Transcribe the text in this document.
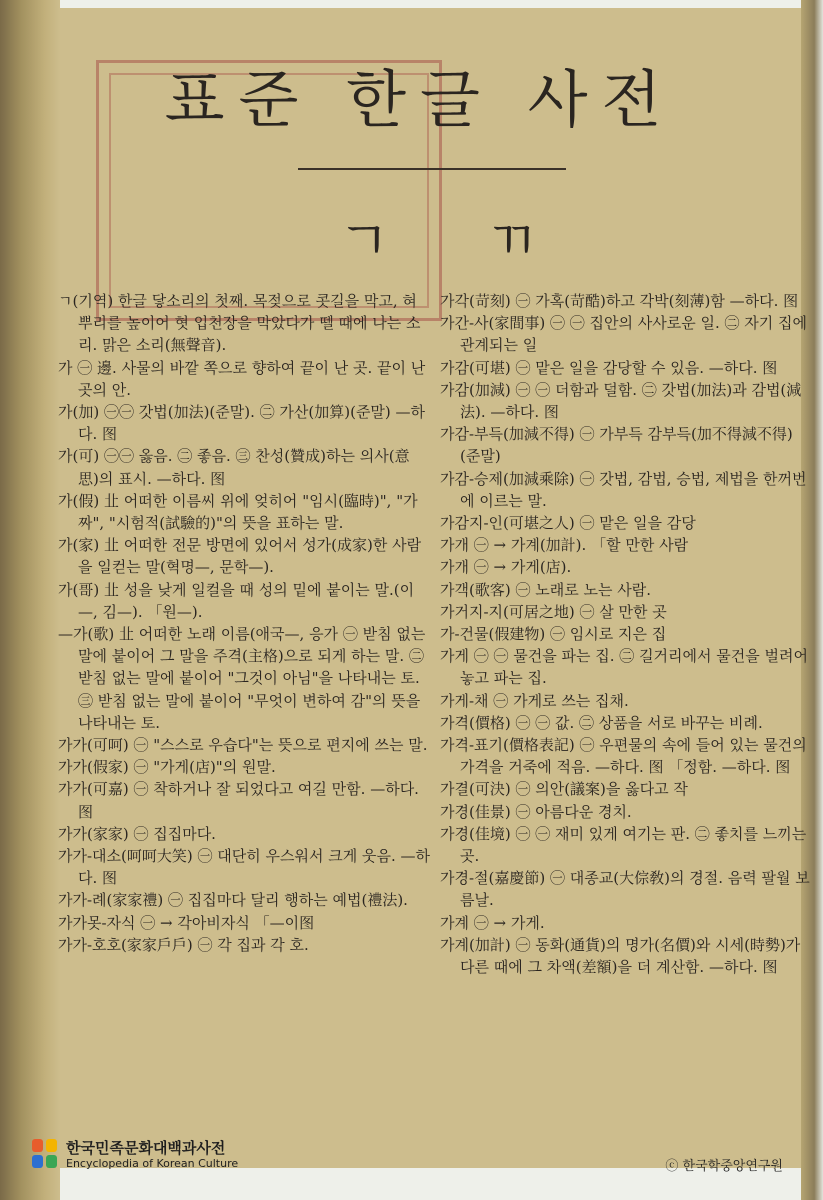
표준 한글 사전
ㄱ ㄲ

ㄱ(기역) 한글 닿소리의 첫째. 목젖으로 콧길을 막고, 혀뿌리를 높이어 혓 입천장을 막았다가 뗄 때에 나는 소리. 맑은 소리(無聲音).

가 ㊀ 邊. 사물의 바깥 쪽으로 향하여 끝이 난 곳. 끝이 난 곳의 안.

가(加) ㊀㊀ 갓법(加法)(준말). ㊁ 가산(加算)(준말) —하다. 图

가(可) ㊀㊀ 옳음. ㊁ 좋음. ㊂ 찬성(贊成)하는 의사(意思)의 표시. —하다. 图

가(假) 㐀 어떠한 이름씨 위에 엊히어 "임시(臨時)", "가짜", "시험적(試驗的)"의 뜻을 표하는 말.

가(家) 㐀 어떠한 전문 방면에 있어서 성가(成家)한 사람을 일컫는 말(혁명—, 문학—).

가(哥) 㐀 성을 낮게 일컬을 때 성의 밑에 붙이는 말.(이—, 김—). 「원—).

—가(歌) 㐀 어떠한 노래 이름(애국—, 응가 ㊀ 받침 없는 말에 붙이어 그 말을 주격(主格)으로 되게 하는 말. ㊁ 받침 없는 말에 붙이어 "그것이 아님"을 나타내는 토. ㊂ 받침 없는 말에 붙이어 "무엇이 변하여 감"의 뜻을 나타내는 토.

가가(可呵) ㊀ "스스로 우습다"는 뜻으로 편지에 쓰는 말.

가가(假家) ㊀ "가게(店)"의 원말.

가가(可嘉) ㊀ 착하거나 잘 되었다고 여길 만함. —하다. 图

가가(家家) ㊀ 집집마다.

가가-대소(呵呵大笑) ㊀ 대단히 우스워서 크게 웃음. —하다. 图

가가-례(家家禮) ㊀ 집집마다 달리 행하는 예법(禮法).

가가못-자식 ㊀ → 각아비자식 「—이图

가가-호호(家家戶戶) ㊀ 각 집과 각 호.

가각(苛刻) ㊀ 가혹(苛酷)하고 각박(刻薄)함 —하다. 图

가간-사(家間事) ㊀ ㊀ 집안의 사사로운 일. ㊁ 자기 집에 관계되는 일

가감(可堪) ㊀ 맡은 일을 감당할 수 있음. —하다. 图

가감(加減) ㊀ ㊀ 더함과 덜함. ㊁ 갓법(加法)과 감법(減法). —하다. 图

가감-부득(加減不得) ㊀ 가부득 감부득(加不得減不得)(준말)

가감-승제(加減乘除) ㊀ 갓법, 감법, 승법, 제법을 한꺼번에 이르는 말.

가감지-인(可堪之人) ㊀ 맡은 일을 감당

가개 ㊀ → 가계(加計). 「할 만한 사람

가개 ㊀ → 가게(店).

가객(歌客) ㊀ 노래로 노는 사람.

가거지-지(可居之地) ㊀ 살 만한 곳

가-건물(假建物) ㊀ 임시로 지은 집

가게 ㊀ ㊀ 물건을 파는 집. ㊁ 길거리에서 물건을 벌려어 놓고 파는 집.

가게-채 ㊀ 가게로 쓰는 집채.

가격(價格) ㊀ ㊀ 값. ㊁ 상품을 서로 바꾸는 비례.

가격-표기(價格表記) ㊀ 우편물의 속에 들어 있는 물건의 가격을 거죽에 적음. —하다. 图 「정함. —하다. 图

가결(可決) ㊀ 의안(議案)을 옳다고 작

가경(佳景) ㊀ 아름다운 경치.

가경(佳境) ㊀ ㊀ 재미 있게 여기는 판. ㊁ 좋치를 느끼는 곳.

가경-절(嘉慶節) ㊀ 대종교(大倧敎)의 경절. 음력 팔월 보름날.

가계 ㊀ → 가게.

가계(加計) ㊀ 동화(通貨)의 명가(名價)와 시세(時勢)가 다른 때에 그 차액(差額)을 더 계산함. —하다. 图

한국민족문화대백과사전
Encyclopedia of Korean Culture	ⓒ 한국학중앙연구원
